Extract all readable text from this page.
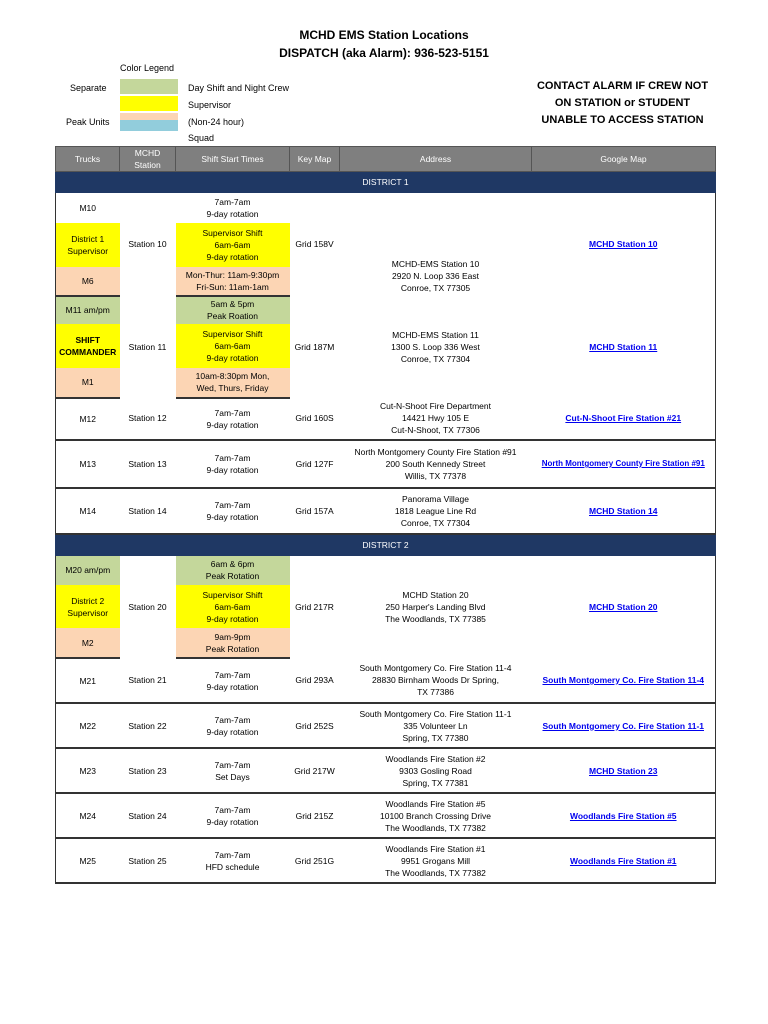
MCHD EMS Station Locations
DISPATCH (aka Alarm): 936-523-5151
Color Legend
Separate
Peak Units
Day Shift and Night Crew
Supervisor
(Non-24 hour)
Squad
CONTACT ALARM IF CREW NOT
ON STATION or STUDENT
UNABLE TO ACCESS STATION
Trucks	MCHD Station	Shift Start Times	Key Map	Address	Google Map
DISTRICT 1					
M10	Station 10	7am-7am
9-day rotation	Grid 158V	MCHD-EMS Station 10
2920 N. Loop 336 East
Conroe, TX 77305	MCHD Station 10

District 1
Supervisor		Supervisor Shift
6am-6am
9-day rotation			

M6		Mon-Thur: 11am-9:30pm
Fri-Sun: 11am-1am			

M11 am/pm	Station 11	5am & 5pm
Peak Roation	Grid 187M	MCHD-EMS Station 11
1300 S. Loop 336 West
Conroe, TX 77304	MCHD Station 11

SHIFT
COMMANDER		Supervisor Shift
6am-6am
9-day rotation			

M1		10am-8:30pm Mon,
Wed, Thurs, Friday			

M12	Station 12	7am-7am
9-day rotation	Grid 160S	Cut-N-Shoot Fire Department
14421 Hwy 105 E
Cut-N-Shoot, TX 77306	Cut-N-Shoot Fire Station #21
M13	Station 13	7am-7am
9-day rotation	Grid 127F	North Montgomery County Fire Station #91
200 South Kennedy Street
Willis, TX 77378	North Montgomery County Fire Station #91
M14	Station 14	7am-7am
9-day rotation	Grid 157A	Panorama Village
1818 League Line Rd
Conroe, TX 77304	MCHD Station 14
DISTRICT 2					
M20 am/pm	Station 20	6am & 6pm
Peak Rotation	Grid 217R	MCHD Station 20
250 Harper's Landing Blvd
The Woodlands, TX 77385	MCHD Station 20

District 2
Supervisor		Supervisor Shift
6am-6am
9-day rotation			

M2		9am-9pm
Peak Rotation			

M21	Station 21	7am-7am
9-day rotation	Grid 293A	South Montgomery Co. Fire Station 11-4
28830 Birnham Woods Dr Spring,
TX 77386	South Montgomery Co. Fire Station 11-4
M22	Station 22	7am-7am
9-day rotation	Grid 252S	South Montgomery Co. Fire Station 11-1
335 Volunteer Ln
Spring, TX 77380	South Montgomery Co. Fire Station 11-1
M23	Station 23	7am-7am
Set Days	Grid 217W	Woodlands Fire Station #2
9303 Gosling Road
Spring, TX 77381	MCHD Station 23
M24	Station 24	7am-7am
9-day rotation	Grid 215Z	Woodlands Fire Station #5
10100 Branch Crossing Drive
The Woodlands, TX 77382	Woodlands Fire Station #5
M25	Station 25	7am-7am
HFD schedule	Grid 251G	Woodlands Fire Station #1
9951 Grogans Mill
The Woodlands, TX 77382	Woodlands Fire Station #1
